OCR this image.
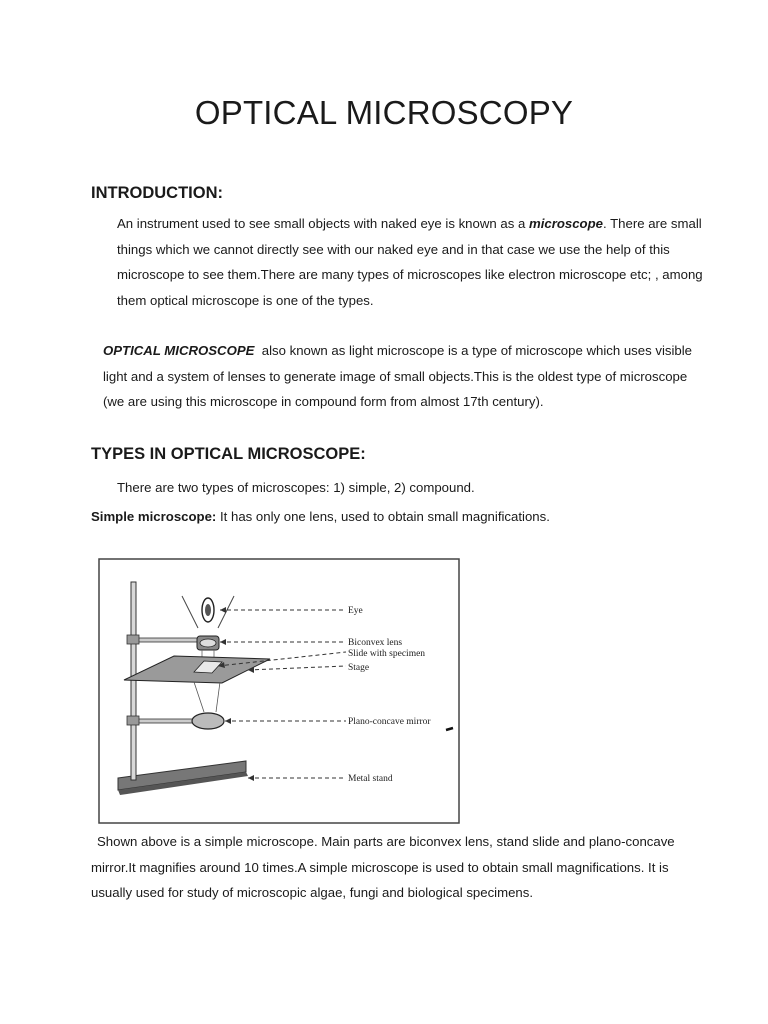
OPTICAL MICROSCOPY
INTRODUCTION:

An instrument used to see small objects with naked eye is known as a microscope. There are small things which we cannot directly see with our naked eye and in that case we use the help of this microscope to see them.There are many types of microscopes like electron microscope etc; , among them optical microscope is one of the types.

OPTICAL MICROSCOPE  also known as light microscope is a type of microscope which uses visible light and a system of lenses to generate image of small objects.This is the oldest type of microscope (we are using this microscope in compound form from almost 17th century).

TYPES IN OPTICAL MICROSCOPE:

There are two types of microscopes: 1) simple, 2) compound.

Simple microscope: It has only one lens, used to obtain small magnifications.

Eye
Biconvex lens
Slide with specimen
Stage
Plano-concave mirror
Metal stand

Shown above is a simple microscope. Main parts are biconvex lens, stand slide and plano-concave mirror.It magnifies around 10 times.A simple microscope is used to obtain small magnifications. It is usually used for study of microscopic algae, fungi and biological specimens.
